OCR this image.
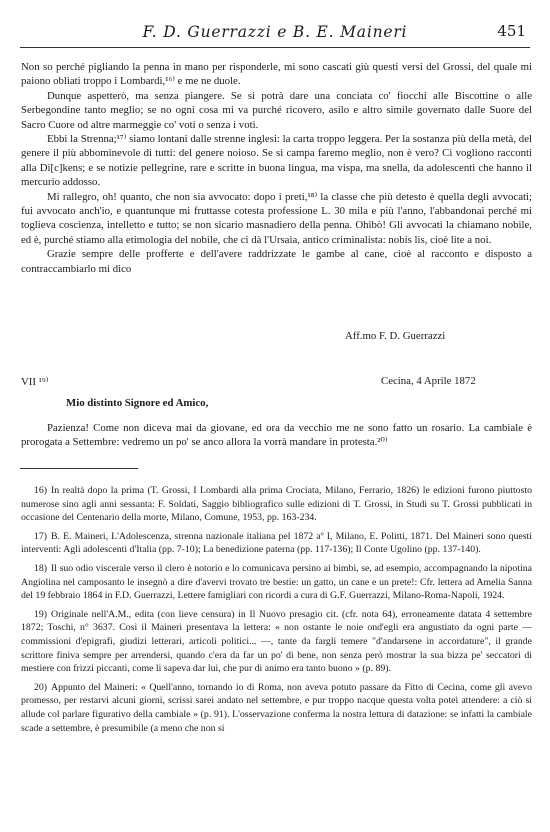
F. D. Guerrazzi e B. E. Maineri	451

Non so perché pigliando la penna in mano per risponderle, mi sono cascati giù questi versi del Grossi, del quale mi paiono obliati troppo i Lombardi,¹⁶⁾ e me ne duole.

Dunque aspetterò, ma senza piangere. Se si potrà dare una conciata co' fiocchi alle Biscottine o alle Serbegondine tanto meglio; se no ogni cosa mi va purché ricovero, asilo e altro simile governato dalle Suore del Sacro Cuore od altre marmeggie co' voti o senza i voti.

Ebbi la Strenna;¹⁷⁾ siamo lontani dalle strenne inglesi: la carta troppo leggera. Per la sostanza più della metà, del genere il più abbominevole di tutti: del genere noioso. Se si campa faremo meglio, non è vero? Ci vogliono racconti alla Di[c]kens; e se notizie pellegrine, rare e scritte in buona lingua, ma vispa, ma snella, da adolescenti che hanno il mercurio addosso.

Mi rallegro, oh! quanto, che non sia avvocato: dopo i preti,¹⁸⁾ la classe che più detesto è quella degli avvocati; fui avvocato anch'io, e quantunque mi fruttasse cotesta professione L. 30 mila e più l'anno, l'abbandonai perché mi toglieva coscienza, intelletto e tutto; se non sicario masnadiero della penna. Ohibò! Gli avvocati la chiamano nobile, ed è, purché stiamo alla etimologia del nobile, che ci dà l'Ursaia, antico criminalista: nobis lis, cioè lite a noi.

Grazie sempre delle profferte e dell'avere raddrizzate le gambe al cane, cioè al racconto e disposto a contraccambiarlo mi dico

Aff.mo F. D. Guerrazzi
VII ¹⁹⁾	Cecina, 4 Aprile 1872
Mio distinto Signore ed Amico,

Pazienza! Come non diceva mai da giovane, ed ora da vecchio me ne sono fatto un rosario. La cambiale è prorogata a Settembre: vedremo un po' se anco allora la vorrà mandare in protesta.²⁰⁾

16) In realtà dopo la prima (T. Grossi, I Lombardi alla prima Crociata, Milano, Ferrario, 1826) le edizioni furono piuttosto numerose sino agli anni sessanta: F. Soldati, Saggio bibliografico sulle edizioni di T. Grossi, in Studi su T. Grossi pubblicati in occasione del Centenario della morte, Milano, Comune, 1953, pp. 163-234.

17) B. E. Maineri, L'Adolescenza, strenna nazionale italiana pel 1872 aº I, Milano, E. Politti, 1871. Del Maineri sono questi interventi: Agli adolescenti d'Italia (pp. 7-10); La benedizione paterna (pp. 117-136); Il Conte Ugolino (pp. 137-140).

18) Il suo odio viscerale verso il clero è notorio e lo comunicava persino ai bimbi, se, ad esempio, accompagnando la nipotina Angiolina nel camposanto le insegnò a dire d'avervi trovato tre bestie: un gatto, un cane e un prete!: Cfr. lettera ad Amelia Sanna del 19 febbraio 1864 in F.D. Guerrazzi, Lettere famigliari con ricordi a cura di G.F. Guerrazzi, Milano-Roma-Napoli, 1924.

19) Originale nell'A.M., edita (con lieve censura) in Il Nuovo presagio cit. (cfr. nota 64), erroneamente datata 4 settembre 1872; Toschi, n° 3637. Così il Maineri presentava la lettera: « non ostante le noie ond'egli era angustiato da ogni parte — commissioni d'epigrafi, giudizi letterari, articoli politici... —, tante da fargli temere "d'andarsene in accordature", il grande scrittore finiva sempre per arrendersi, quando c'era da far un po' di bene, non senza però mostrar la sua bizza pe' seccatori di mestiere con frizzi piccanti, come li sapeva dar lui, che pur di animo era tanto buono » (p. 89).

20) Appunto del Maineri: « Quell'anno, tornando io di Roma, non aveva potuto passare da Fitto di Cecina, come gli avevo promesso, per restarvi alcuni giorni, scrissi sarei andato nel settembre, e pur troppo nacque questa volta potei attendere: a ciò si allude col parlare figurativo della cambiale » (p. 91). L'osservazione conferma la nostra lettura di datazione: se infatti la cambiale scade a settembre, è presumibile (a meno che non si
